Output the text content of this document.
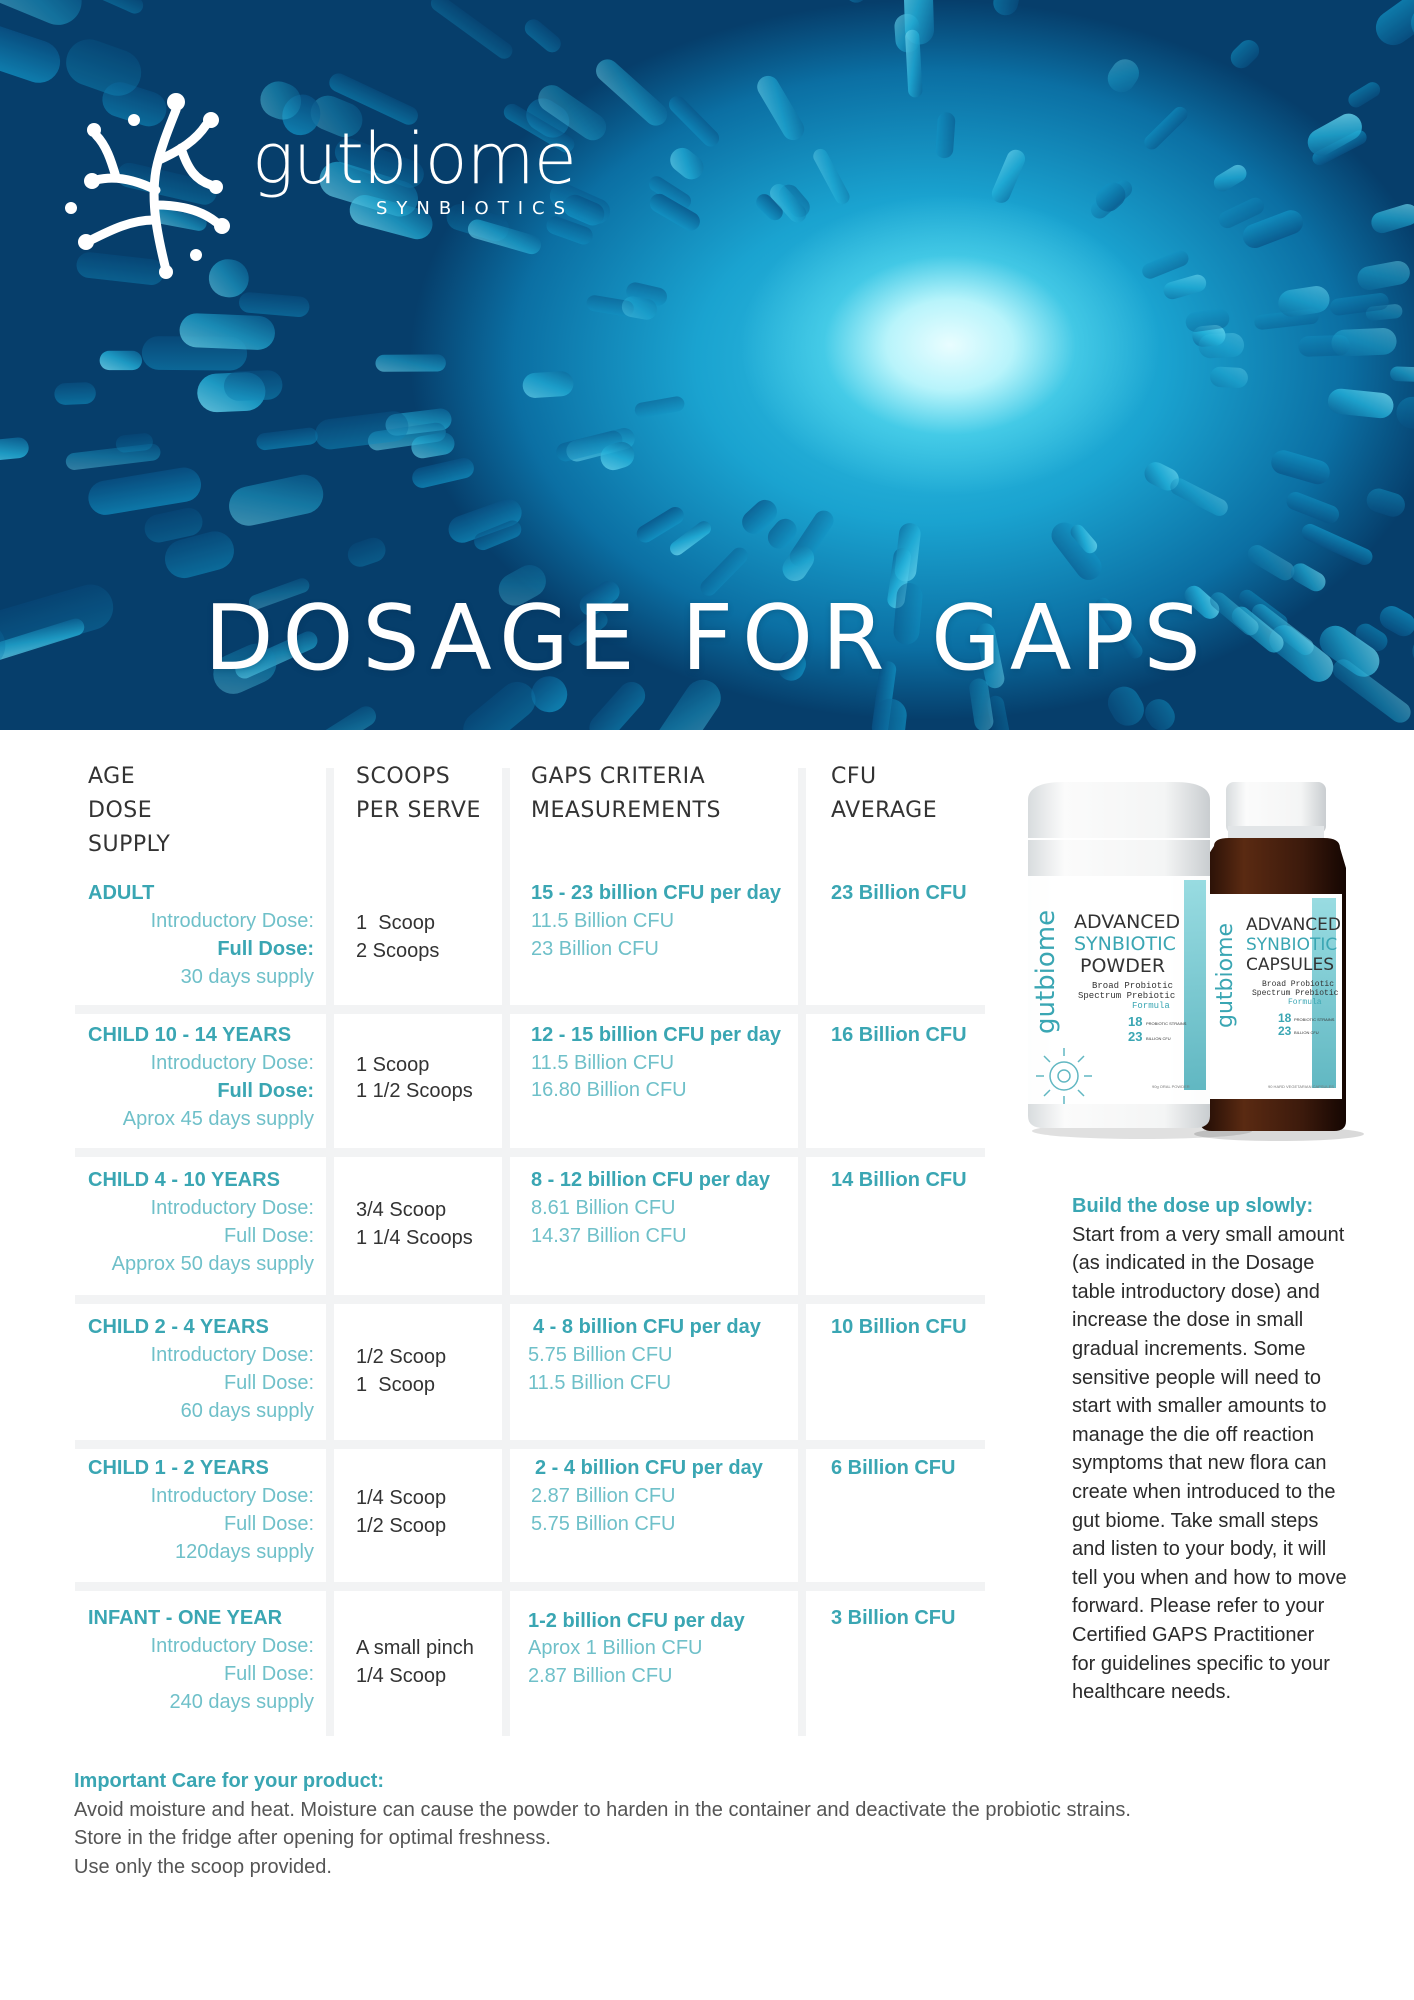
gutbiome
SYNBIOTICS
DOSAGE FOR GAPS
AGE
DOSE
SUPPLY
SCOOPS
PER SERVE
GAPS CRITERIA
MEASUREMENTS
CFU
AVERAGE
ADULT
Introductory Dose:
Full Dose:
30 days supply
1  Scoop
2 Scoops
15 - 23 billion CFU per day
11.5 Billion CFU
23 Billion CFU
23 Billion CFU
CHILD 10 - 14 YEARS
Introductory Dose:
Full Dose:
Aprox 45 days supply
1 Scoop
1 1/2 Scoops
12 - 15 billion CFU per day
11.5 Billion CFU
16.80 Billion CFU
16 Billion CFU
CHILD 4 - 10 YEARS
Introductory Dose:
Full Dose:
Approx 50 days supply
3/4 Scoop
1 1/4 Scoops
8 - 12 billion CFU per day
8.61 Billion CFU
14.37 Billion CFU
14 Billion CFU
CHILD 2 - 4 YEARS
Introductory Dose:
Full Dose:
60 days supply
1/2 Scoop
1  Scoop
4 - 8 billion CFU per day
5.75 Billion CFU
11.5 Billion CFU
10 Billion CFU
CHILD 1 - 2 YEARS
Introductory Dose:
Full Dose:
120days supply
1/4 Scoop
1/2 Scoop
2 - 4 billion CFU per day
2.87 Billion CFU
5.75 Billion CFU
6 Billion CFU
INFANT - ONE YEAR
Introductory Dose:
Full Dose:
240 days supply
A small pinch
1/4 Scoop
1-2 billion CFU per day
Aprox 1 Billion CFU
2.87 Billion CFU
3 Billion CFU
ADVANCED
SYNBIOTIC
CAPSULES
Broad Probiotic
Spectrum Prebiotic
Formula
18 PROBIOTIC STRAINS
23 BILLION CFU
gutbiome
90 HARD VEGETARIAN CAPSULES
ADVANCED
SYNBIOTIC
POWDER
Broad Probiotic
Spectrum Prebiotic
Formula
18 PROBIOTIC STRAINS
23 BILLION CFU
gutbiome
90g ORAL POWDER
Build the dose up slowly:
Start from a very small amount
(as indicated in the Dosage
table introductory dose) and
increase the dose in small
gradual increments. Some
sensitive people will need to
start with smaller amounts to
manage the die off reaction
symptoms that new flora can
create when introduced to the
gut biome. Take small steps
and listen to your body, it will
tell you when and how to move
forward. Please refer to your
Certified GAPS Practitioner
for guidelines specific to your
healthcare needs.
Important Care for your product:
Avoid moisture and heat. Moisture can cause the powder to harden in the container and deactivate the probiotic strains.
Store in the fridge after opening for optimal freshness.
Use only the scoop provided.
